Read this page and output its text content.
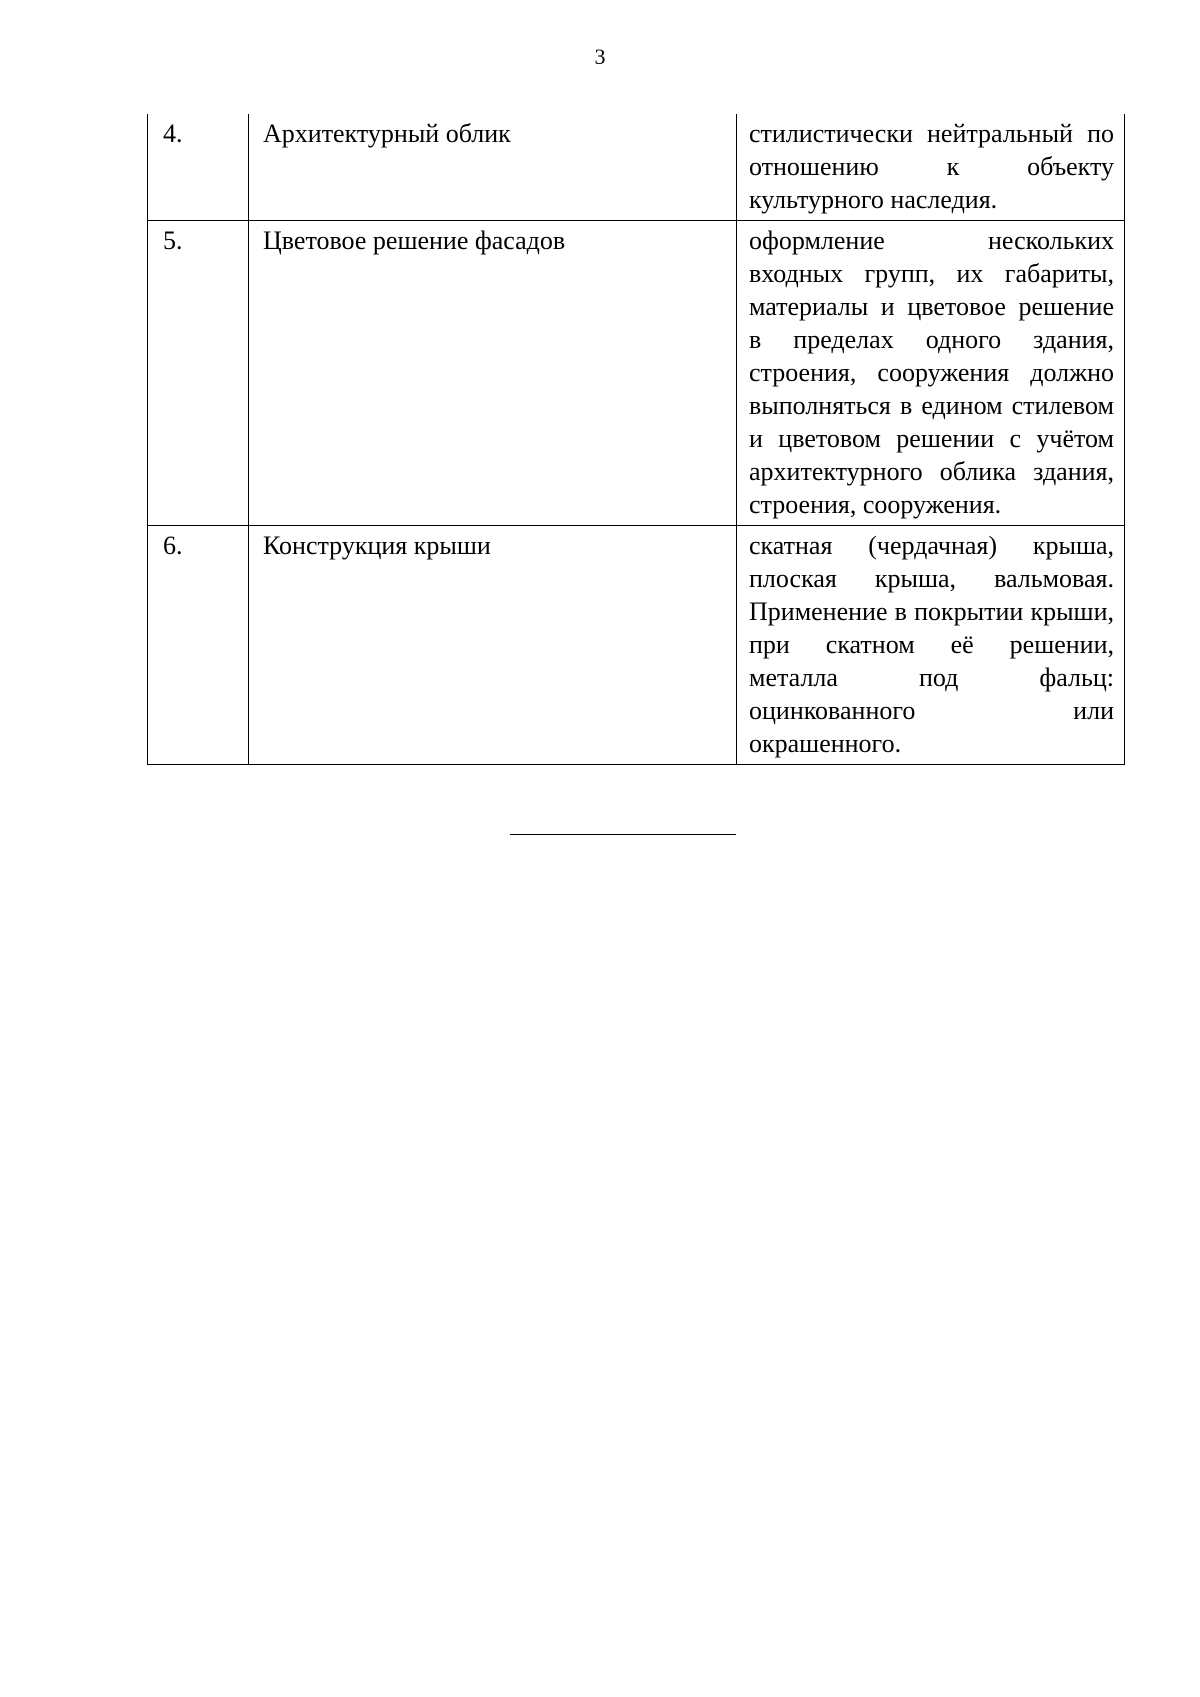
3
4.	Архитектурный облик	стилистически нейтральный по отношению к объекту культурного наследия.
5.	Цветовое решение фасадов	оформление нескольких входных групп, их габариты, материалы и цветовое решение в пределах одного здания, строения, сооружения должно выполняться в едином стилевом и цветовом решении с учётом архитектурного облика здания, строения, сооружения.
6.	Конструкция крыши	скатная (чердачная) крыша, плоская крыша, вальмовая. Применение в покрытии крыши, при скатном её решении, металла под фальц: оцинкованного или окрашенного.
